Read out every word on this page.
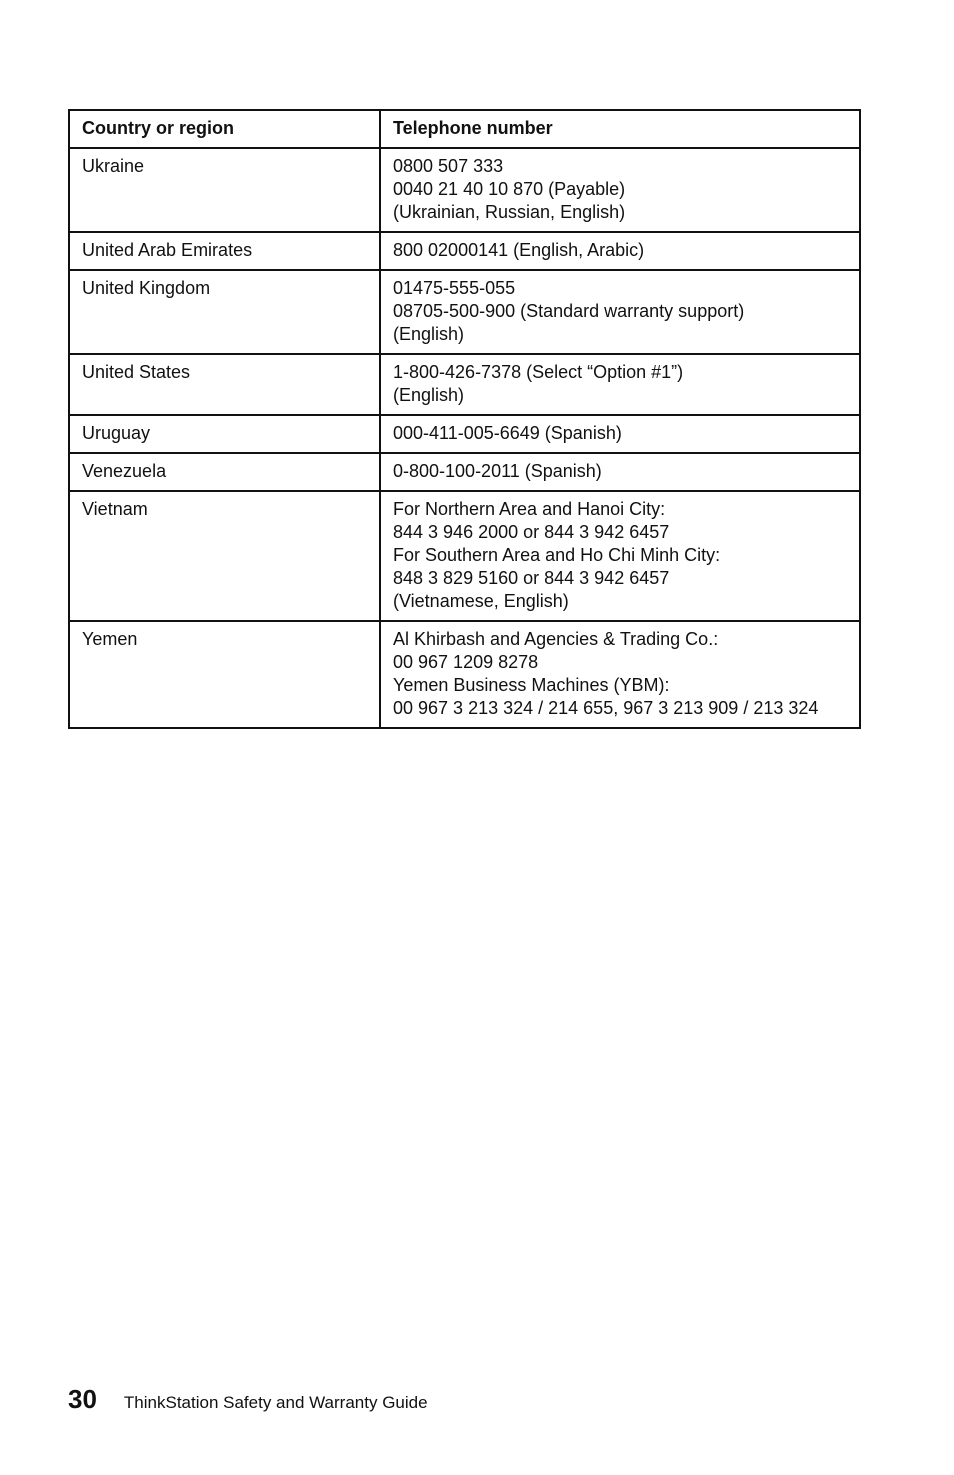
Country or region	Telephone number
Ukraine	0800 507 333
0040 21 40 10 870 (Payable)
(Ukrainian, Russian, English)

United Arab Emirates	800 02000141 (English, Arabic)

United Kingdom	01475-555-055
08705-500-900 (Standard warranty support)
(English)

United States	1-800-426-7378 (Select “Option #1”)
(English)

Uruguay	000-411-005-6649 (Spanish)

Venezuela	0-800-100-2011 (Spanish)

Vietnam	For Northern Area and Hanoi City:
844 3 946 2000 or 844 3 942 6457
For Southern Area and Ho Chi Minh City:
848 3 829 5160 or 844 3 942 6457
(Vietnamese, English)

Yemen	Al Khirbash and Agencies & Trading Co.:
00 967 1209 8278
Yemen Business Machines (YBM):
00 967 3 213 324 / 214 655, 967 3 213 909 / 213 324
30 ThinkStation Safety and Warranty Guide
